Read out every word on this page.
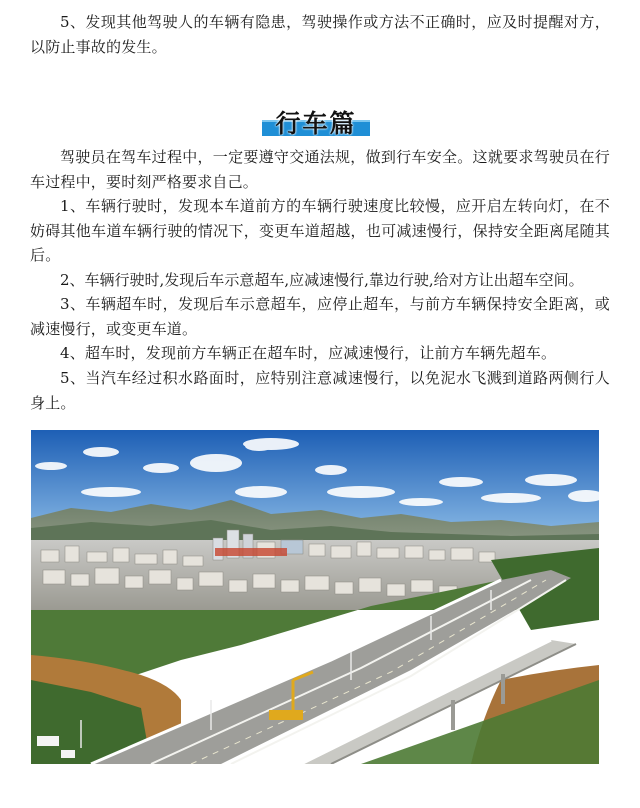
5、发现其他驾驶人的车辆有隐患，驾驶操作或方法不正确时，应及时提醒对方，以防止事故的发生。

行车篇

驾驶员在驾车过程中，一定要遵守交通法规，做到行车安全。这就要求驾驶员在行车过程中，要时刻严格要求自己。

1、车辆行驶时，发现本车道前方的车辆行驶速度比较慢，应开启左转向灯，在不妨碍其他车道车辆行驶的情况下，变更车道超越，也可减速慢行，保持安全距离尾随其后。

2、车辆行驶时,发现后车示意超车,应减速慢行,靠边行驶,给对方让出超车空间。

3、车辆超车时，发现后车示意超车，应停止超车，与前方车辆保持安全距离，或减速慢行，或变更车道。

4、超车时，发现前方车辆正在超车时，应减速慢行，让前方车辆先超车。

5、当汽车经过积水路面时，应特别注意减速慢行，以免泥水飞溅到道路两侧行人身上。
